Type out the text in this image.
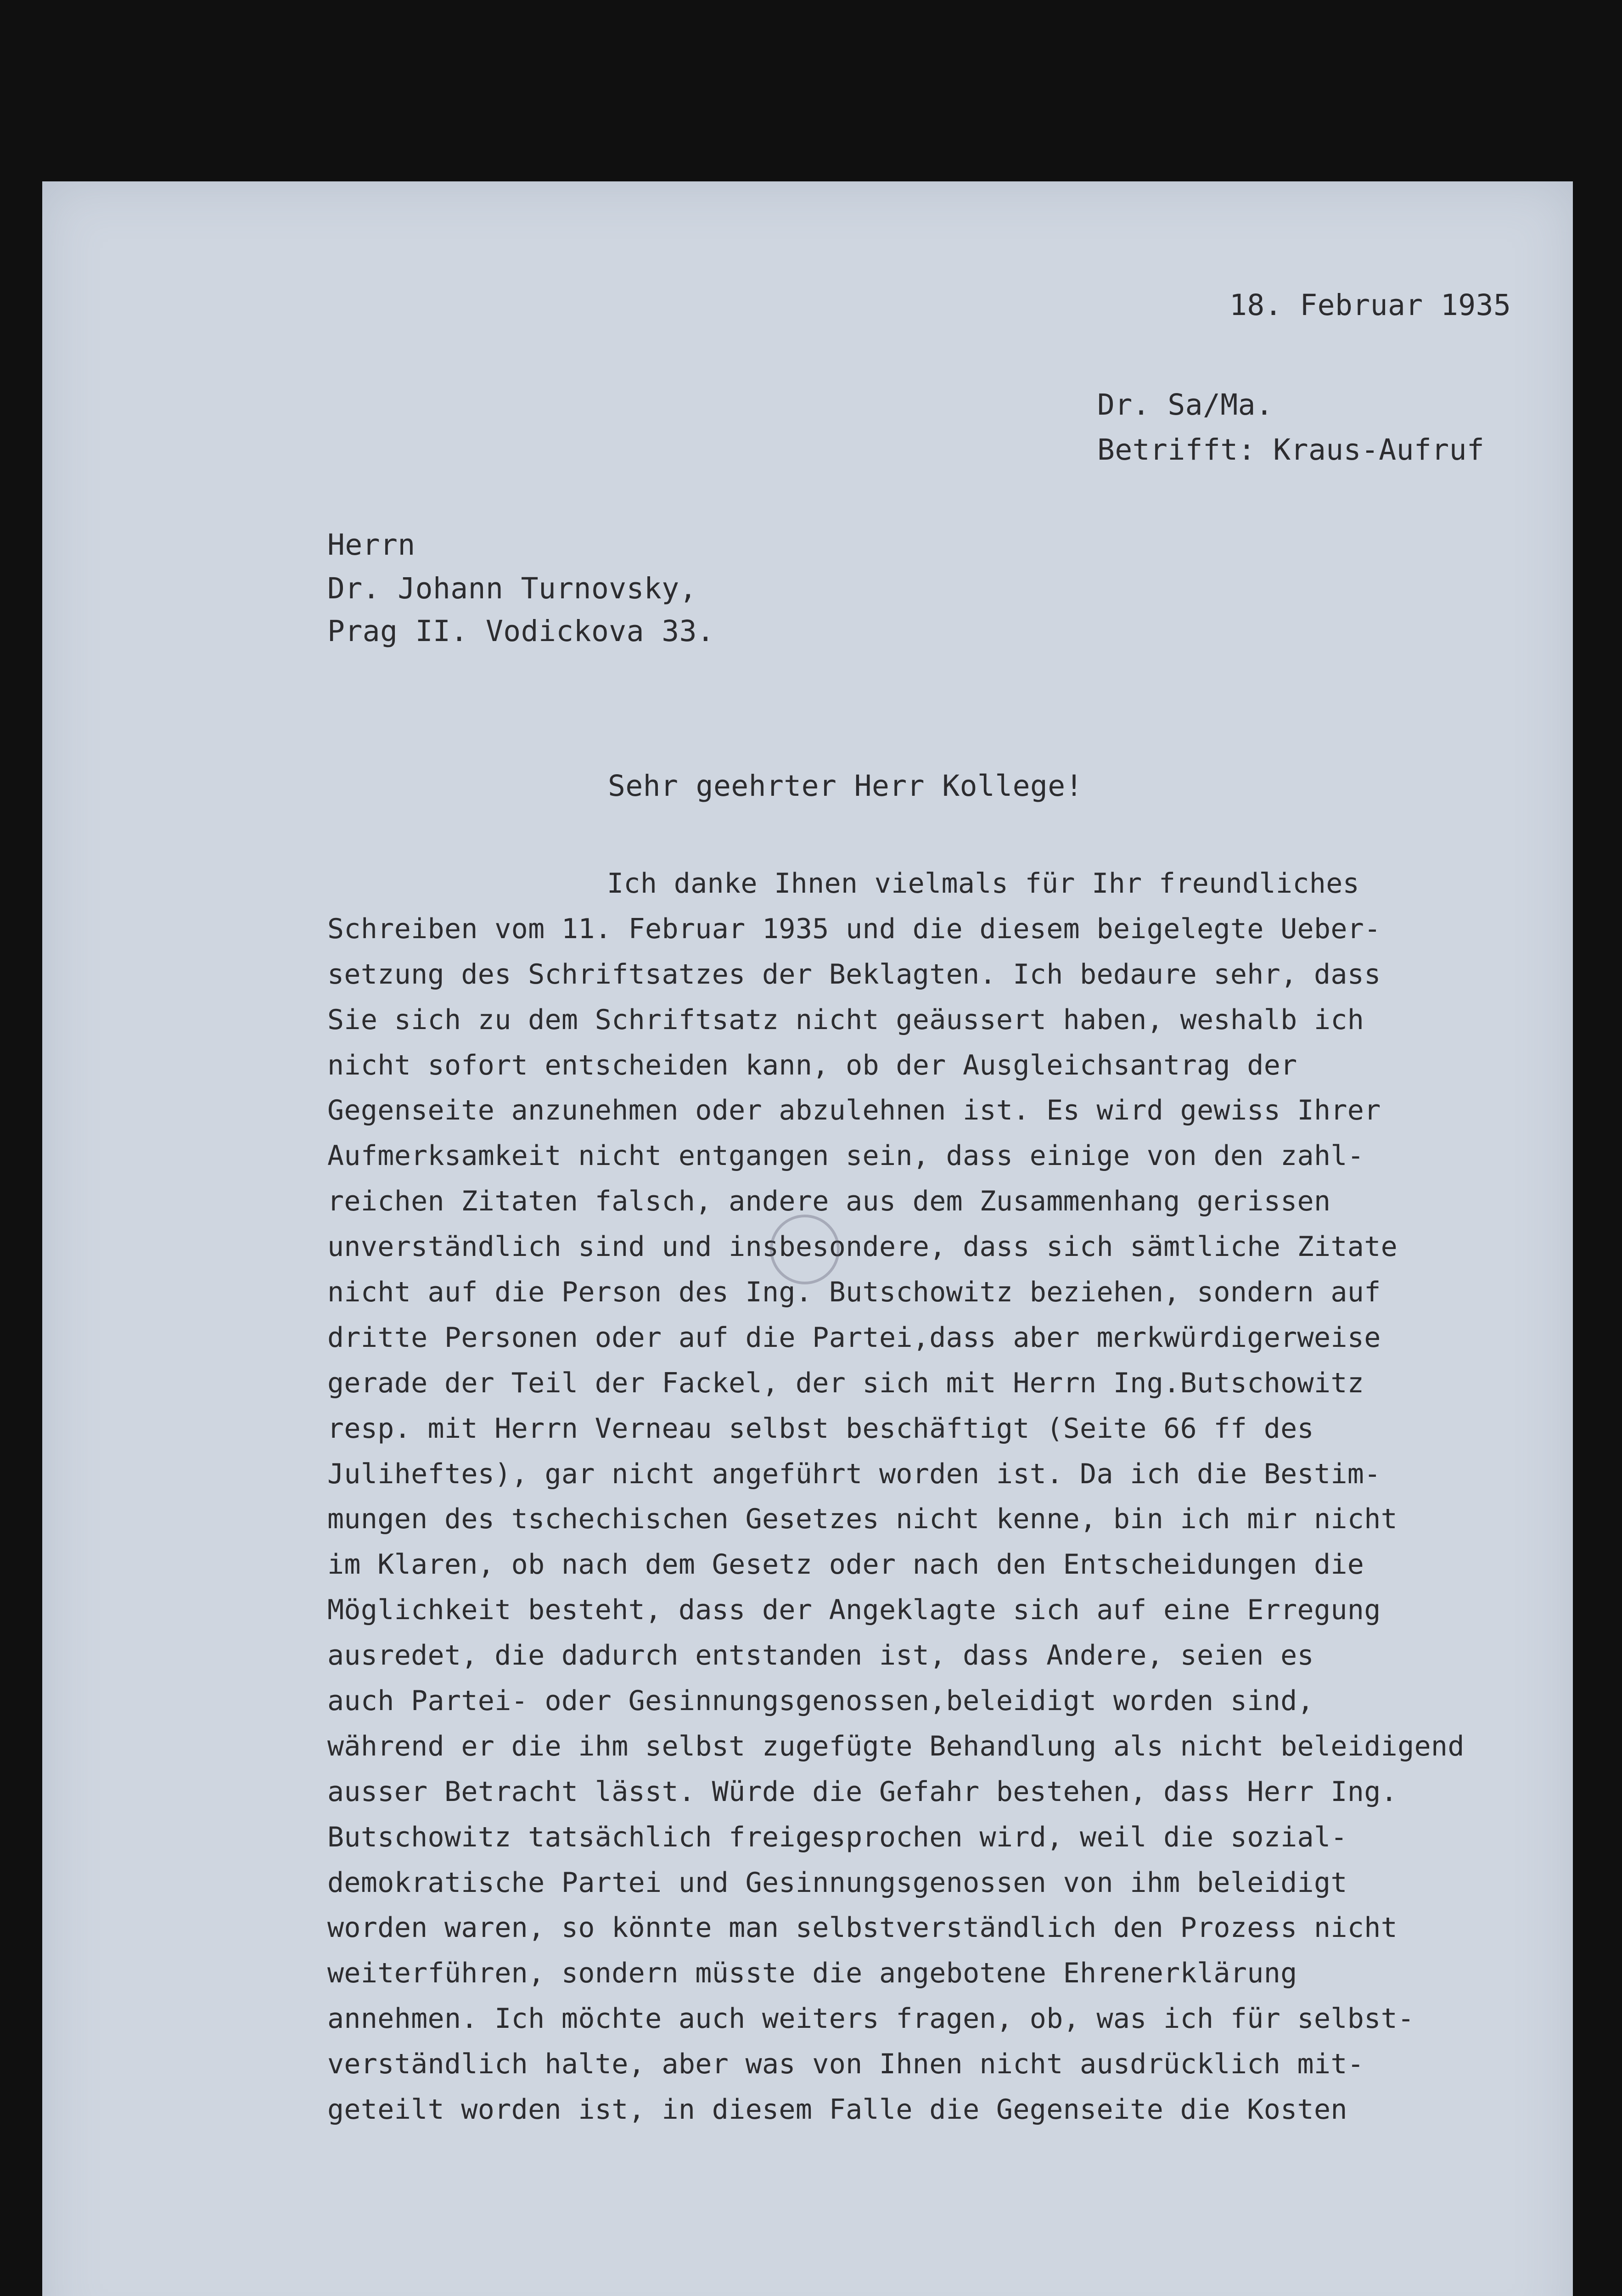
18. Februar 1935

Dr. Sa/Ma.

Betrifft: Kraus-Aufruf

Herrn

Dr. Johann Turnovsky,

Prag II. Vodickova 33.

Sehr geehrter Herr Kollege!

Ich danke Ihnen vielmals für Ihr freundliches

Schreiben vom 11. Februar 1935 und die diesem beigelegte Ueber-

setzung des Schriftsatzes der Beklagten. Ich bedaure sehr, dass

Sie sich zu dem Schriftsatz nicht geäussert haben, weshalb ich

nicht sofort entscheiden kann, ob der Ausgleichsantrag der

Gegenseite anzunehmen oder abzulehnen ist. Es wird gewiss Ihrer

Aufmerksamkeit nicht entgangen sein, dass einige von den zahl-

reichen Zitaten falsch, andere aus dem Zusammenhang gerissen

unverständlich sind und insbesondere, dass sich sämtliche Zitate

nicht auf die Person des Ing. Butschowitz beziehen, sondern auf

dritte Personen oder auf die Partei,dass aber merkwürdigerweise

gerade der Teil der Fackel, der sich mit Herrn Ing.Butschowitz

resp. mit Herrn Verneau selbst beschäftigt (Seite 66 ff des

Juliheftes), gar nicht angeführt worden ist. Da ich die Bestim-

mungen des tschechischen Gesetzes nicht kenne, bin ich mir nicht

im Klaren, ob nach dem Gesetz oder nach den Entscheidungen die

Möglichkeit besteht, dass der Angeklagte sich auf eine Erregung

ausredet, die dadurch entstanden ist, dass Andere, seien es

auch Partei- oder Gesinnungsgenossen,beleidigt worden sind,

während er die ihm selbst zugefügte Behandlung als nicht beleidigend

ausser Betracht lässt. Würde die Gefahr bestehen, dass Herr Ing.

Butschowitz tatsächlich freigesprochen wird, weil die sozial-

demokratische Partei und Gesinnungsgenossen von ihm beleidigt

worden waren, so könnte man selbstverständlich den Prozess nicht

weiterführen, sondern müsste die angebotene Ehrenerklärung

annehmen. Ich möchte auch weiters fragen, ob, was ich für selbst-

verständlich halte, aber was von Ihnen nicht ausdrücklich mit-

geteilt worden ist, in diesem Falle die Gegenseite die Kosten
